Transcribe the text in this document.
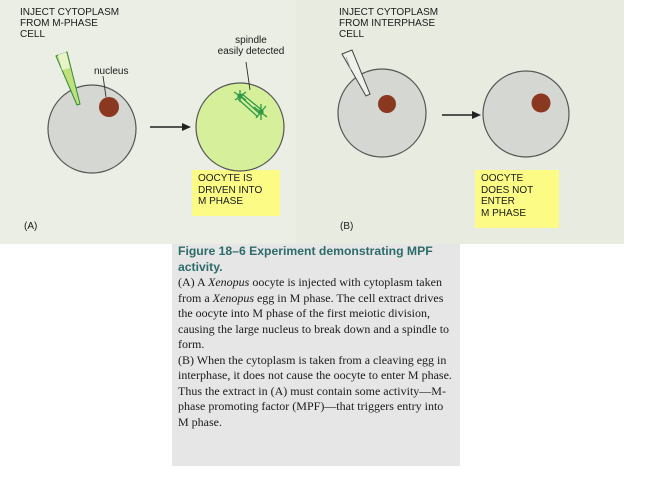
INJECT CYTOPLASM
FROM M-PHASE
CELL

spindle
easily detected

nucleus

(A)

INJECT CYTOPLASM
FROM INTERPHASE
CELL

(B)

OOCYTE IS
DRIVEN INTO
M PHASE
OOCYTE
DOES NOT
ENTER
M PHASE

Figure 18–6 Experiment demonstrating MPF activity.

(A) A Xenopus oocyte is injected with cytoplasm taken from a Xenopus egg in M phase. The cell extract drives the oocyte into M phase of the first meiotic division, causing the large nucleus to break down and a spindle to form.

(B) When the cytoplasm is taken from a cleaving egg in interphase, it does not cause the oocyte to enter M phase. Thus the extract in (A) must contain some activity—M-phase promoting factor (MPF)—that triggers entry into M phase.
